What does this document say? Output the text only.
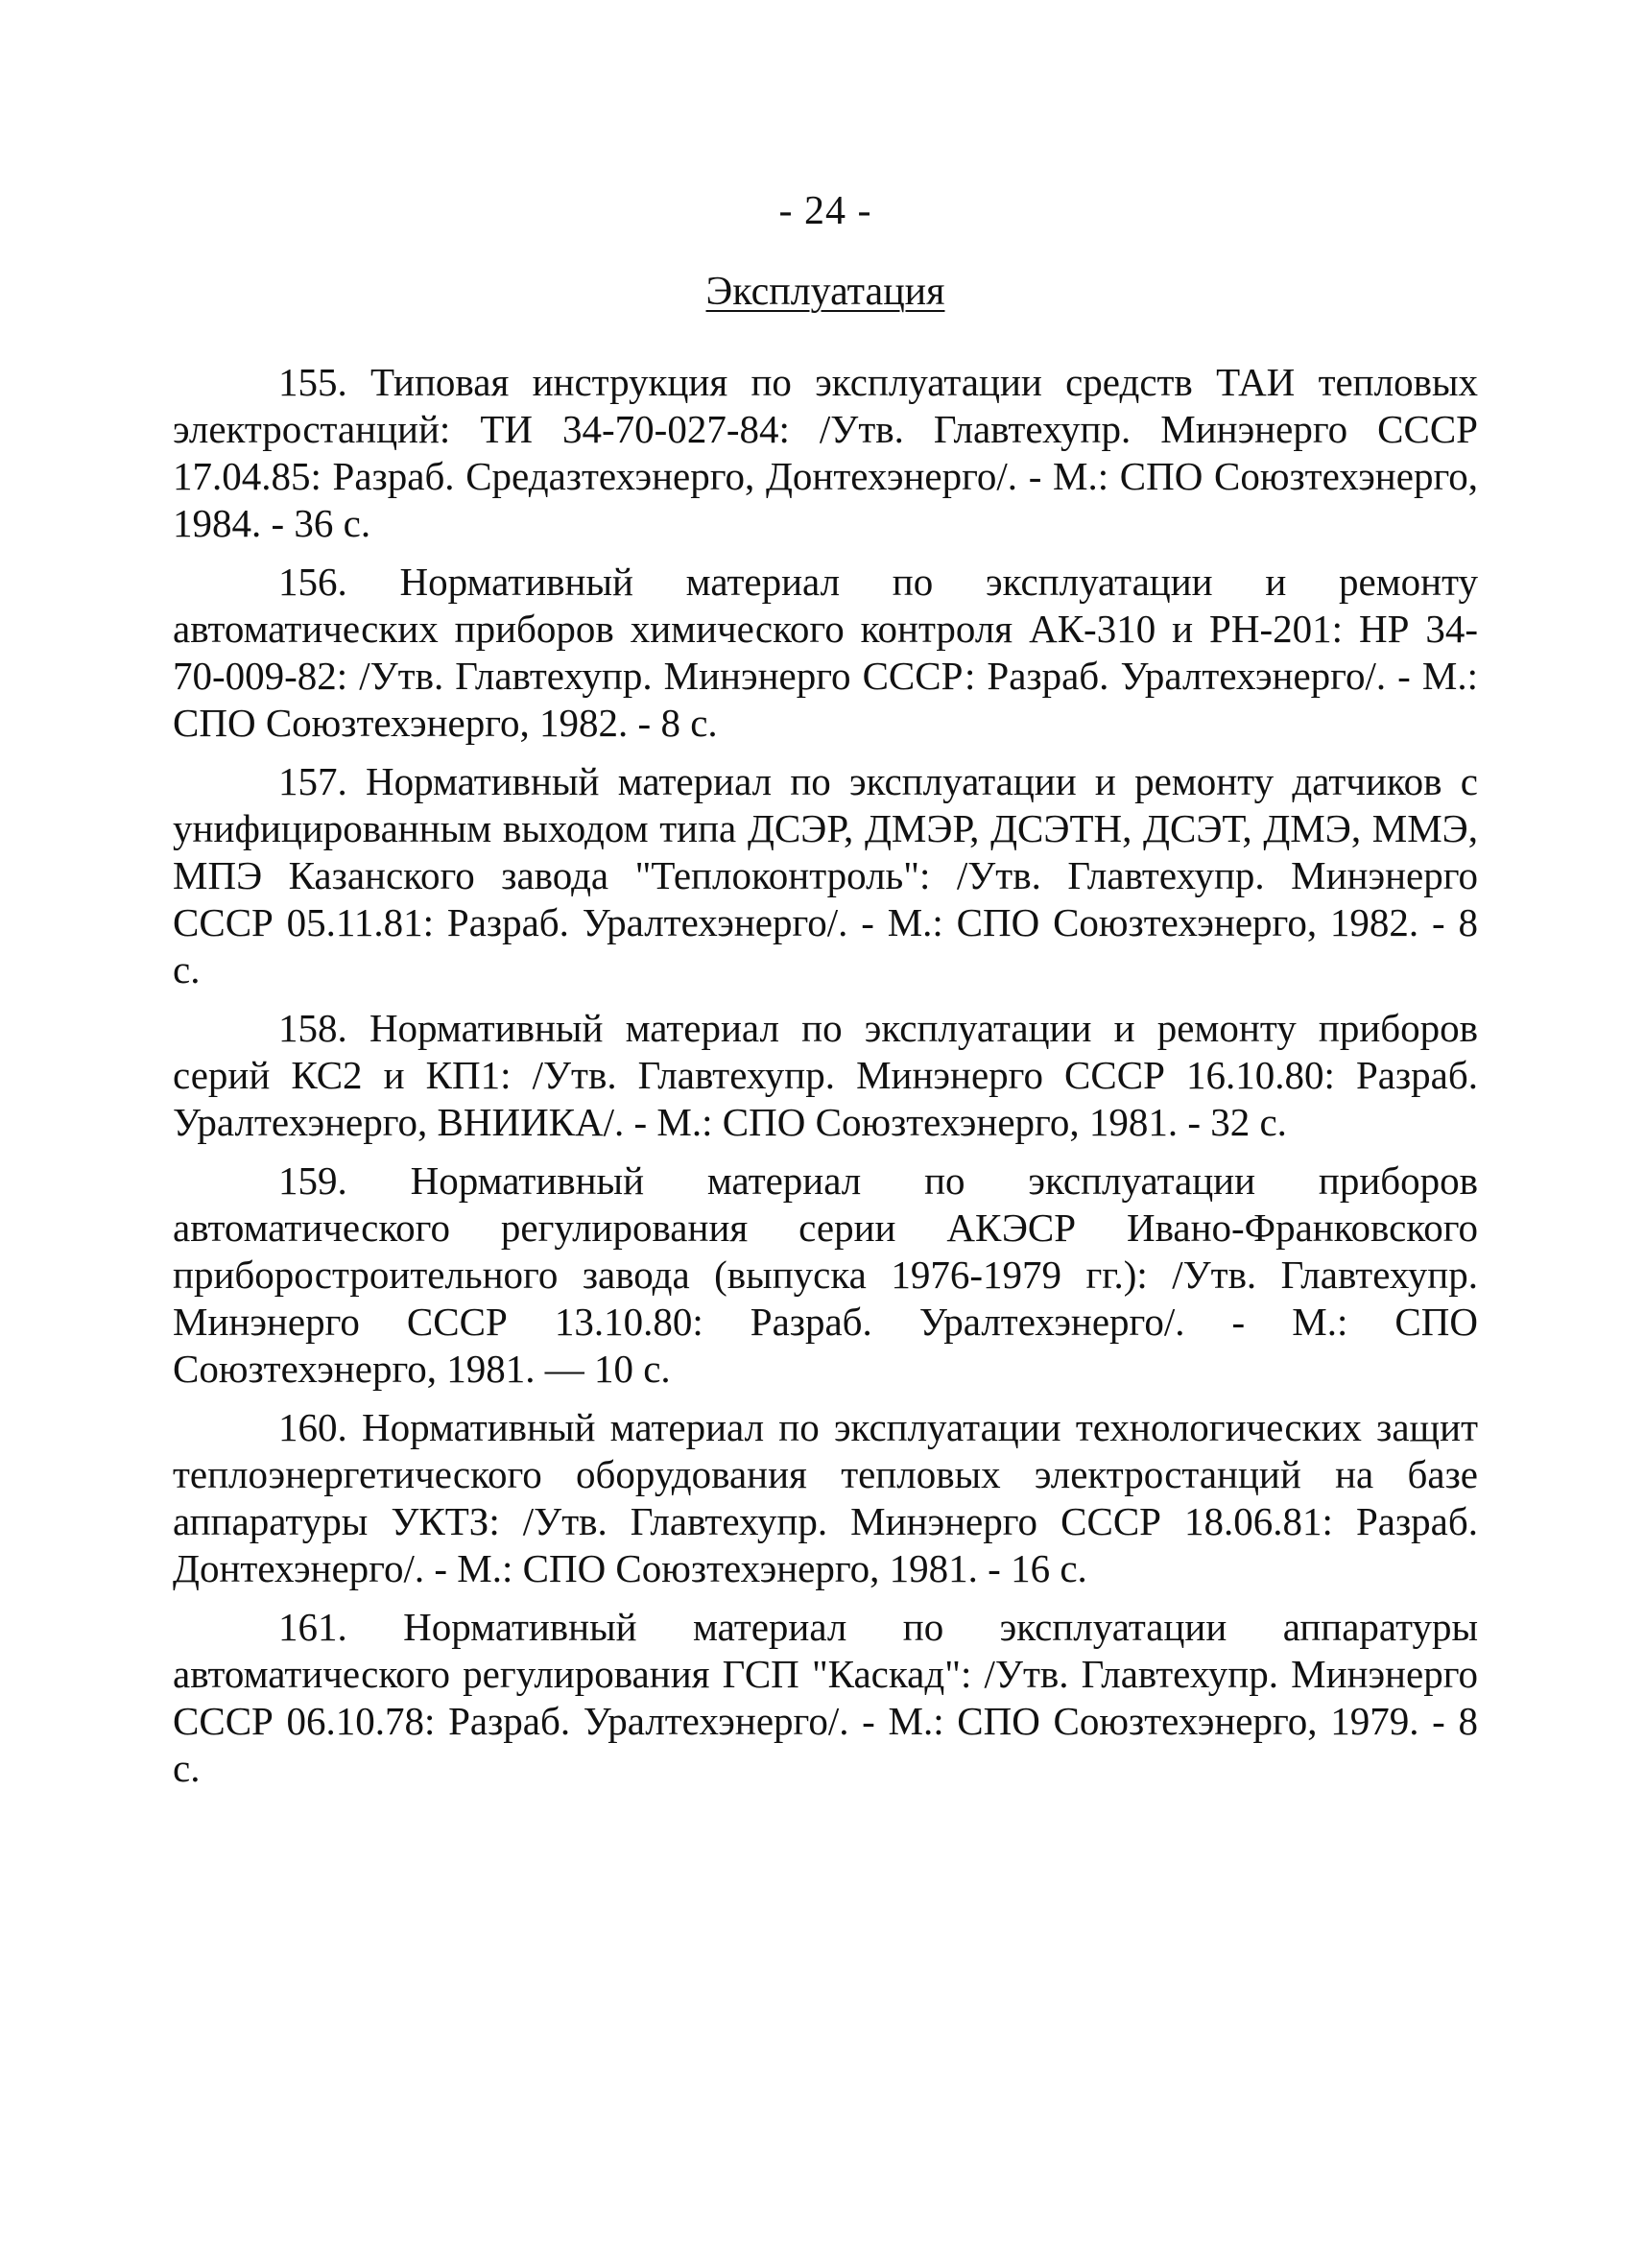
- 24 -
Эксплуатация

155. Типовая инструкция по эксплуатации средств ТАИ тепловых электростанций: ТИ 34-70-027-84: /Утв. Главтехупр. Минэнерго СССР 17.04.85: Разраб. Средазтехэнерго, Донтехэнерго/. - М.: СПО Союзтехэнерго, 1984. - 36 с.

156. Нормативный материал по эксплуатации и ремонту автоматических приборов химического контроля АК-310 и РН-201: НР 34-70-009-82: /Утв. Главтехупр. Минэнерго СССР: Разраб. Уралтехэнерго/. - М.: СПО Союзтехэнерго, 1982. - 8 с.

157. Нормативный материал по эксплуатации и ремонту датчиков с унифицированным выходом типа ДСЭР, ДМЭР, ДСЭТН, ДСЭТ, ДМЭ, ММЭ, МПЭ Казанского завода "Теплоконтроль": /Утв. Главтехупр. Минэнерго СССР 05.11.81: Разраб. Уралтехэнерго/. - М.: СПО Союзтехэнерго, 1982. - 8 с.

158. Нормативный материал по эксплуатации и ремонту приборов серий КС2 и КП1: /Утв. Главтехупр. Минэнерго СССР 16.10.80: Разраб. Уралтехэнерго, ВНИИКА/. - М.: СПО Союзтехэнерго, 1981. - 32 с.

159. Нормативный материал по эксплуатации приборов автоматического регулирования серии АКЭСР Ивано-Франковского приборостроительного завода (выпуска 1976-1979 гг.): /Утв. Главтехупр. Минэнерго СССР 13.10.80: Разраб. Уралтехэнерго/. - М.: СПО Союзтехэнерго, 1981. — 10 с.

160. Нормативный материал по эксплуатации технологических защит теплоэнергетического оборудования тепловых электростанций на базе аппаратуры УКТЗ: /Утв. Главтехупр. Минэнерго СССР 18.06.81: Разраб. Донтехэнерго/. - М.: СПО Союзтехэнерго, 1981. - 16 с.

161. Нормативный материал по эксплуатации аппаратуры автоматического регулирования ГСП "Каскад": /Утв. Главтехупр. Минэнерго СССР 06.10.78: Разраб. Уралтехэнерго/. - М.: СПО Союзтехэнерго, 1979. - 8 с.
